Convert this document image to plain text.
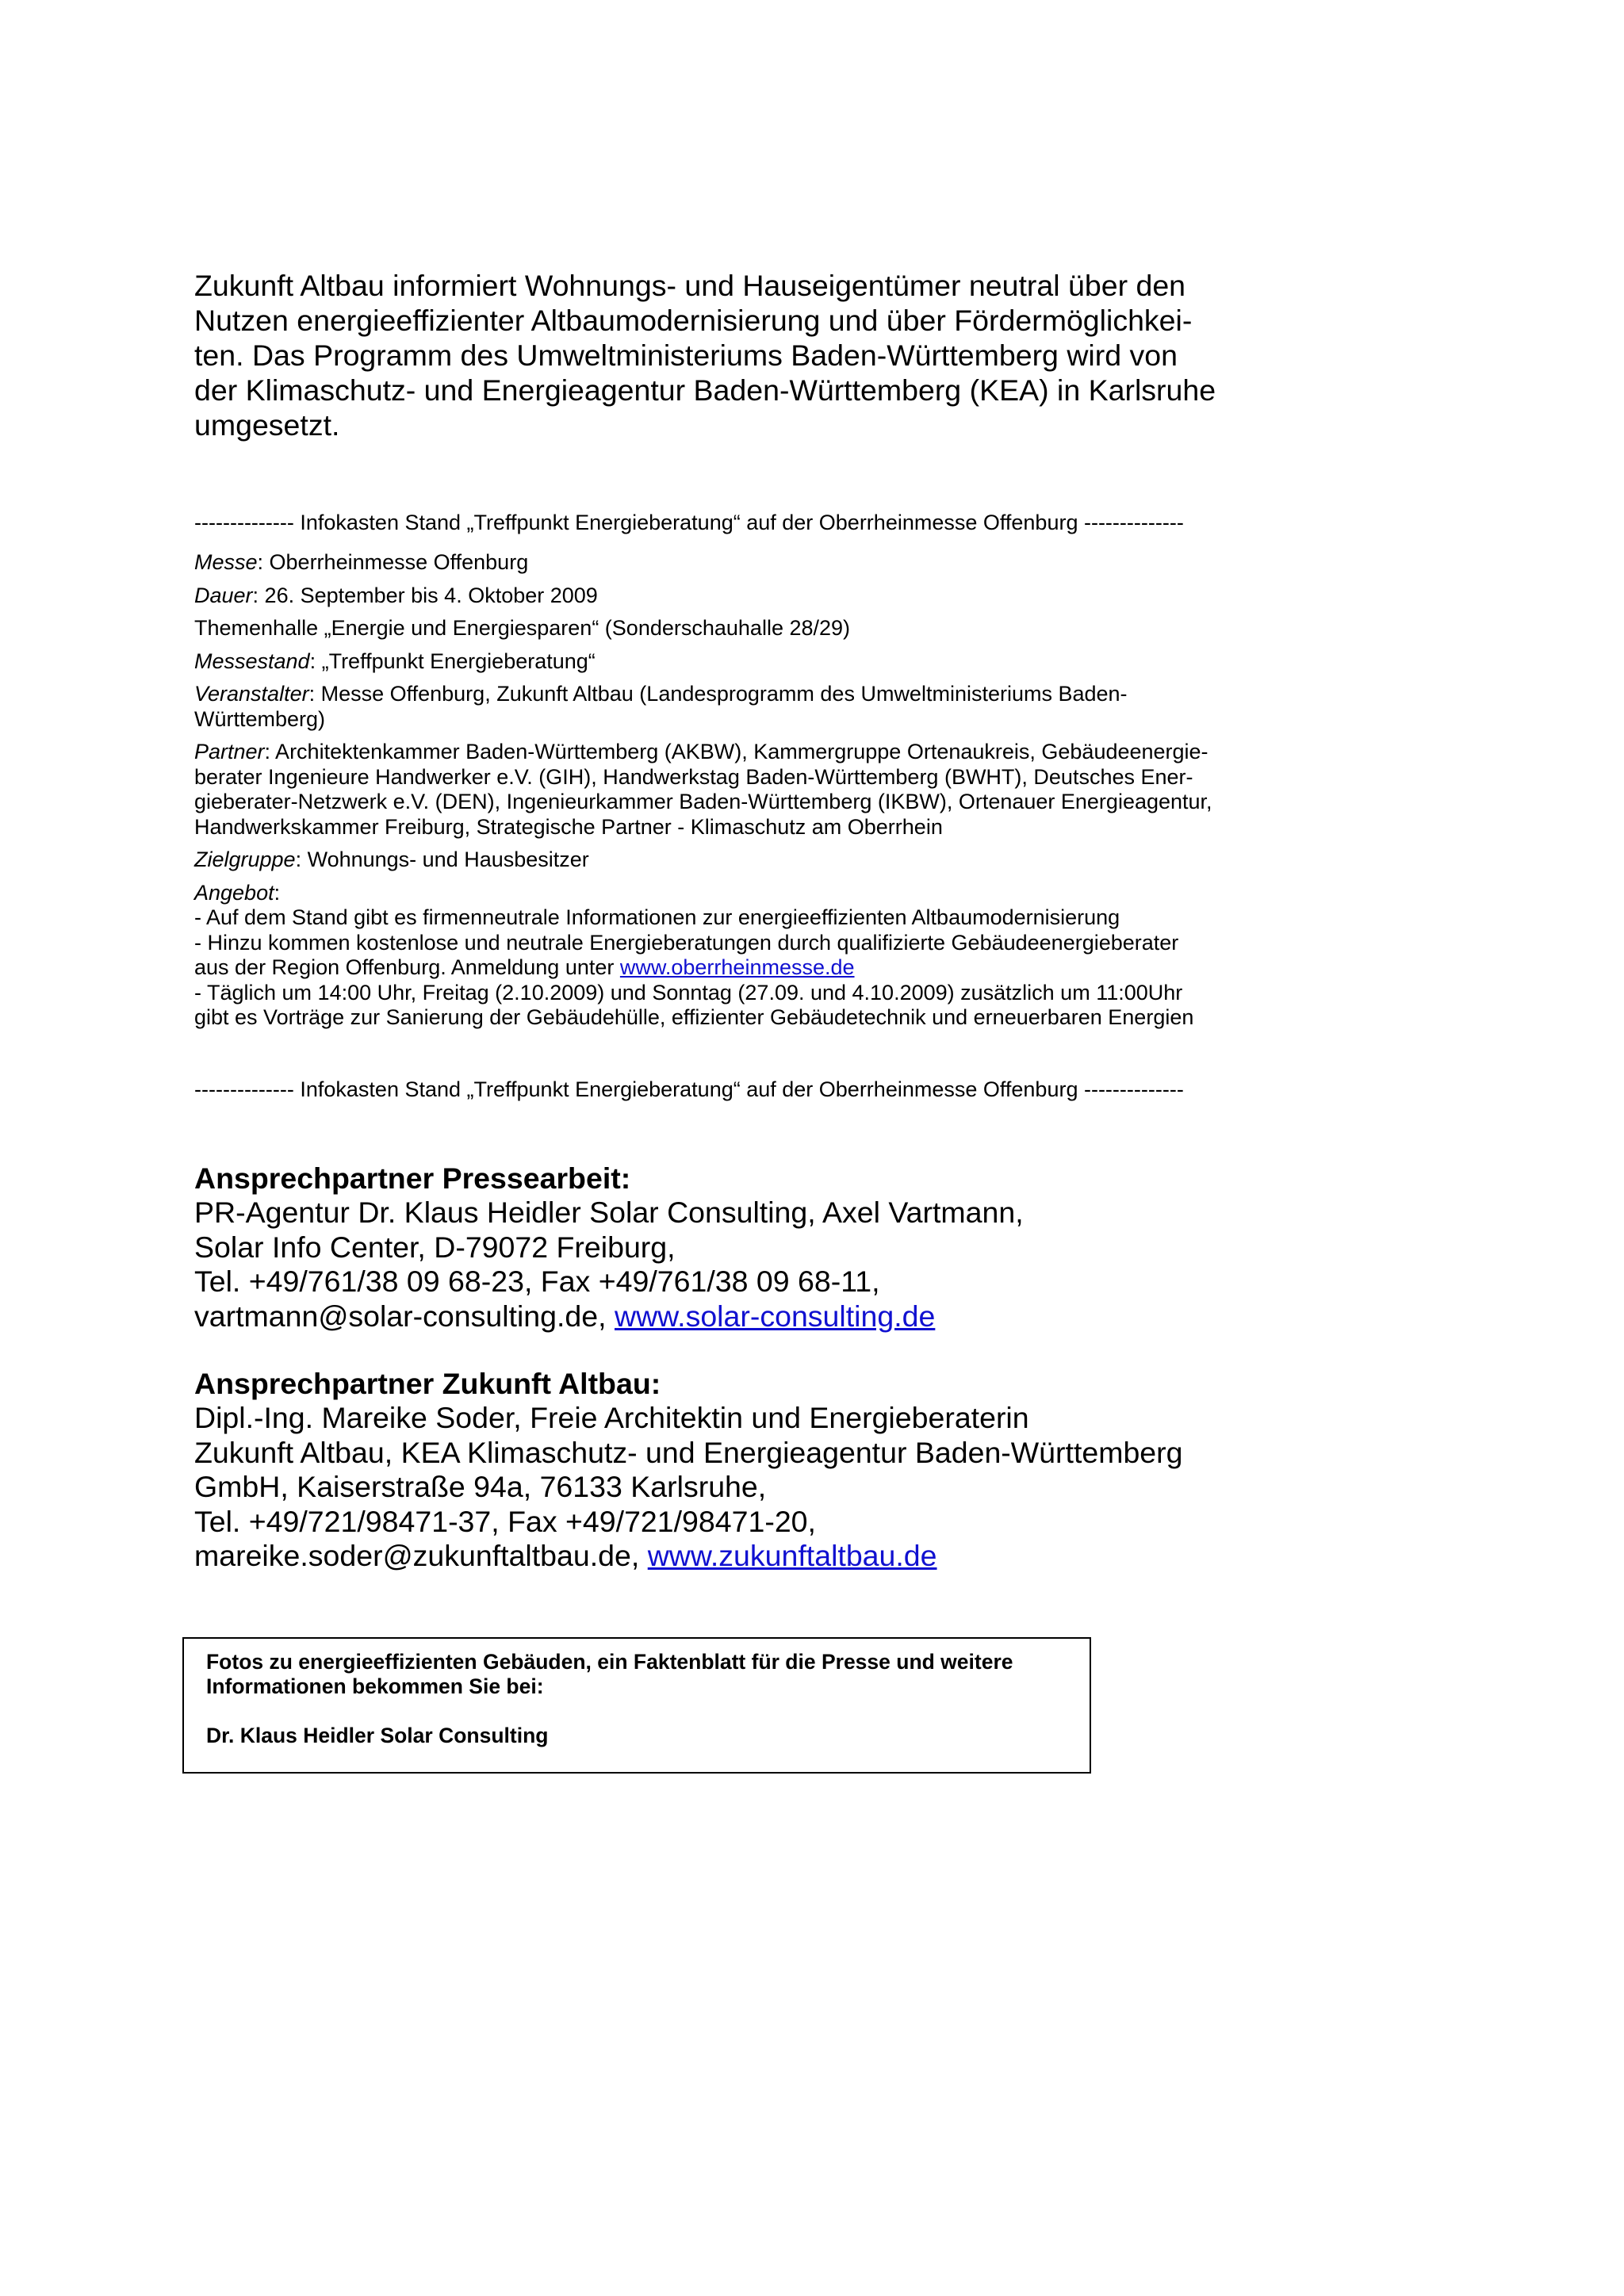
Zukunft Altbau informiert Wohnungs- und Hauseigentümer neutral über den

Nutzen energieeffizienter Altbaumodernisierung und über Fördermöglichkei-

ten. Das Programm des Umweltministeriums Baden-Württemberg wird von

der Klimaschutz- und Energieagentur Baden-Württemberg (KEA) in Karlsruhe

umgesetzt.

-------------- Infokasten Stand „Treffpunkt Energieberatung“ auf der Oberrheinmesse Offenburg --------------

Messe: Oberrheinmesse Offenburg

Dauer: 26. September bis 4. Oktober 2009

Themenhalle „Energie und Energiesparen“ (Sonderschauhalle 28/29)

Messestand: „Treffpunkt Energieberatung“

Veranstalter: Messe Offenburg, Zukunft Altbau (Landesprogramm des Umweltministeriums Baden-
Württemberg)
Partner: Architektenkammer Baden-Württemberg (AKBW), Kammergruppe Ortenaukreis, Gebäudeenergie-
berater Ingenieure Handwerker e.V. (GIH), Handwerkstag Baden-Württemberg (BWHT), Deutsches Ener-
gieberater-Netzwerk e.V. (DEN), Ingenieurkammer Baden-Württemberg (IKBW), Ortenauer Energieagentur,
Handwerkskammer Freiburg, Strategische Partner - Klimaschutz am Oberrhein

Zielgruppe: Wohnungs- und Hausbesitzer

Angebot:
- Auf dem Stand gibt es firmenneutrale Informationen zur energieeffizienten Altbaumodernisierung
- Hinzu kommen kostenlose und neutrale Energieberatungen durch qualifizierte Gebäudeenergieberater
aus der Region Offenburg. Anmeldung unter www.oberrheinmesse.de
- Täglich um 14:00 Uhr, Freitag (2.10.2009) und Sonntag (27.09. und 4.10.2009) zusätzlich um 11:00Uhr
gibt es Vorträge zur Sanierung der Gebäudehülle, effizienter Gebäudetechnik und erneuerbaren Energien

-------------- Infokasten Stand „Treffpunkt Energieberatung“ auf der Oberrheinmesse Offenburg --------------

Ansprechpartner Pressearbeit:

PR-Agentur Dr. Klaus Heidler Solar Consulting, Axel Vartmann,

Solar Info Center, D-79072 Freiburg,

Tel. +49/761/38 09 68-23, Fax +49/761/38 09 68-11,

vartmann@solar-consulting.de, www.solar-consulting.de

Ansprechpartner Zukunft Altbau:

Dipl.-Ing. Mareike Soder, Freie Architektin und Energieberaterin

Zukunft Altbau, KEA Klimaschutz- und Energieagentur Baden-Württemberg

GmbH, Kaiserstraße 94a, 76133 Karlsruhe,

Tel. +49/721/98471-37, Fax +49/721/98471-20,

mareike.soder@zukunftaltbau.de, www.zukunftaltbau.de

Fotos zu energieeffizienten Gebäuden, ein Faktenblatt für die Presse und weitere

Informationen bekommen Sie bei:

Dr. Klaus Heidler Solar Consulting
